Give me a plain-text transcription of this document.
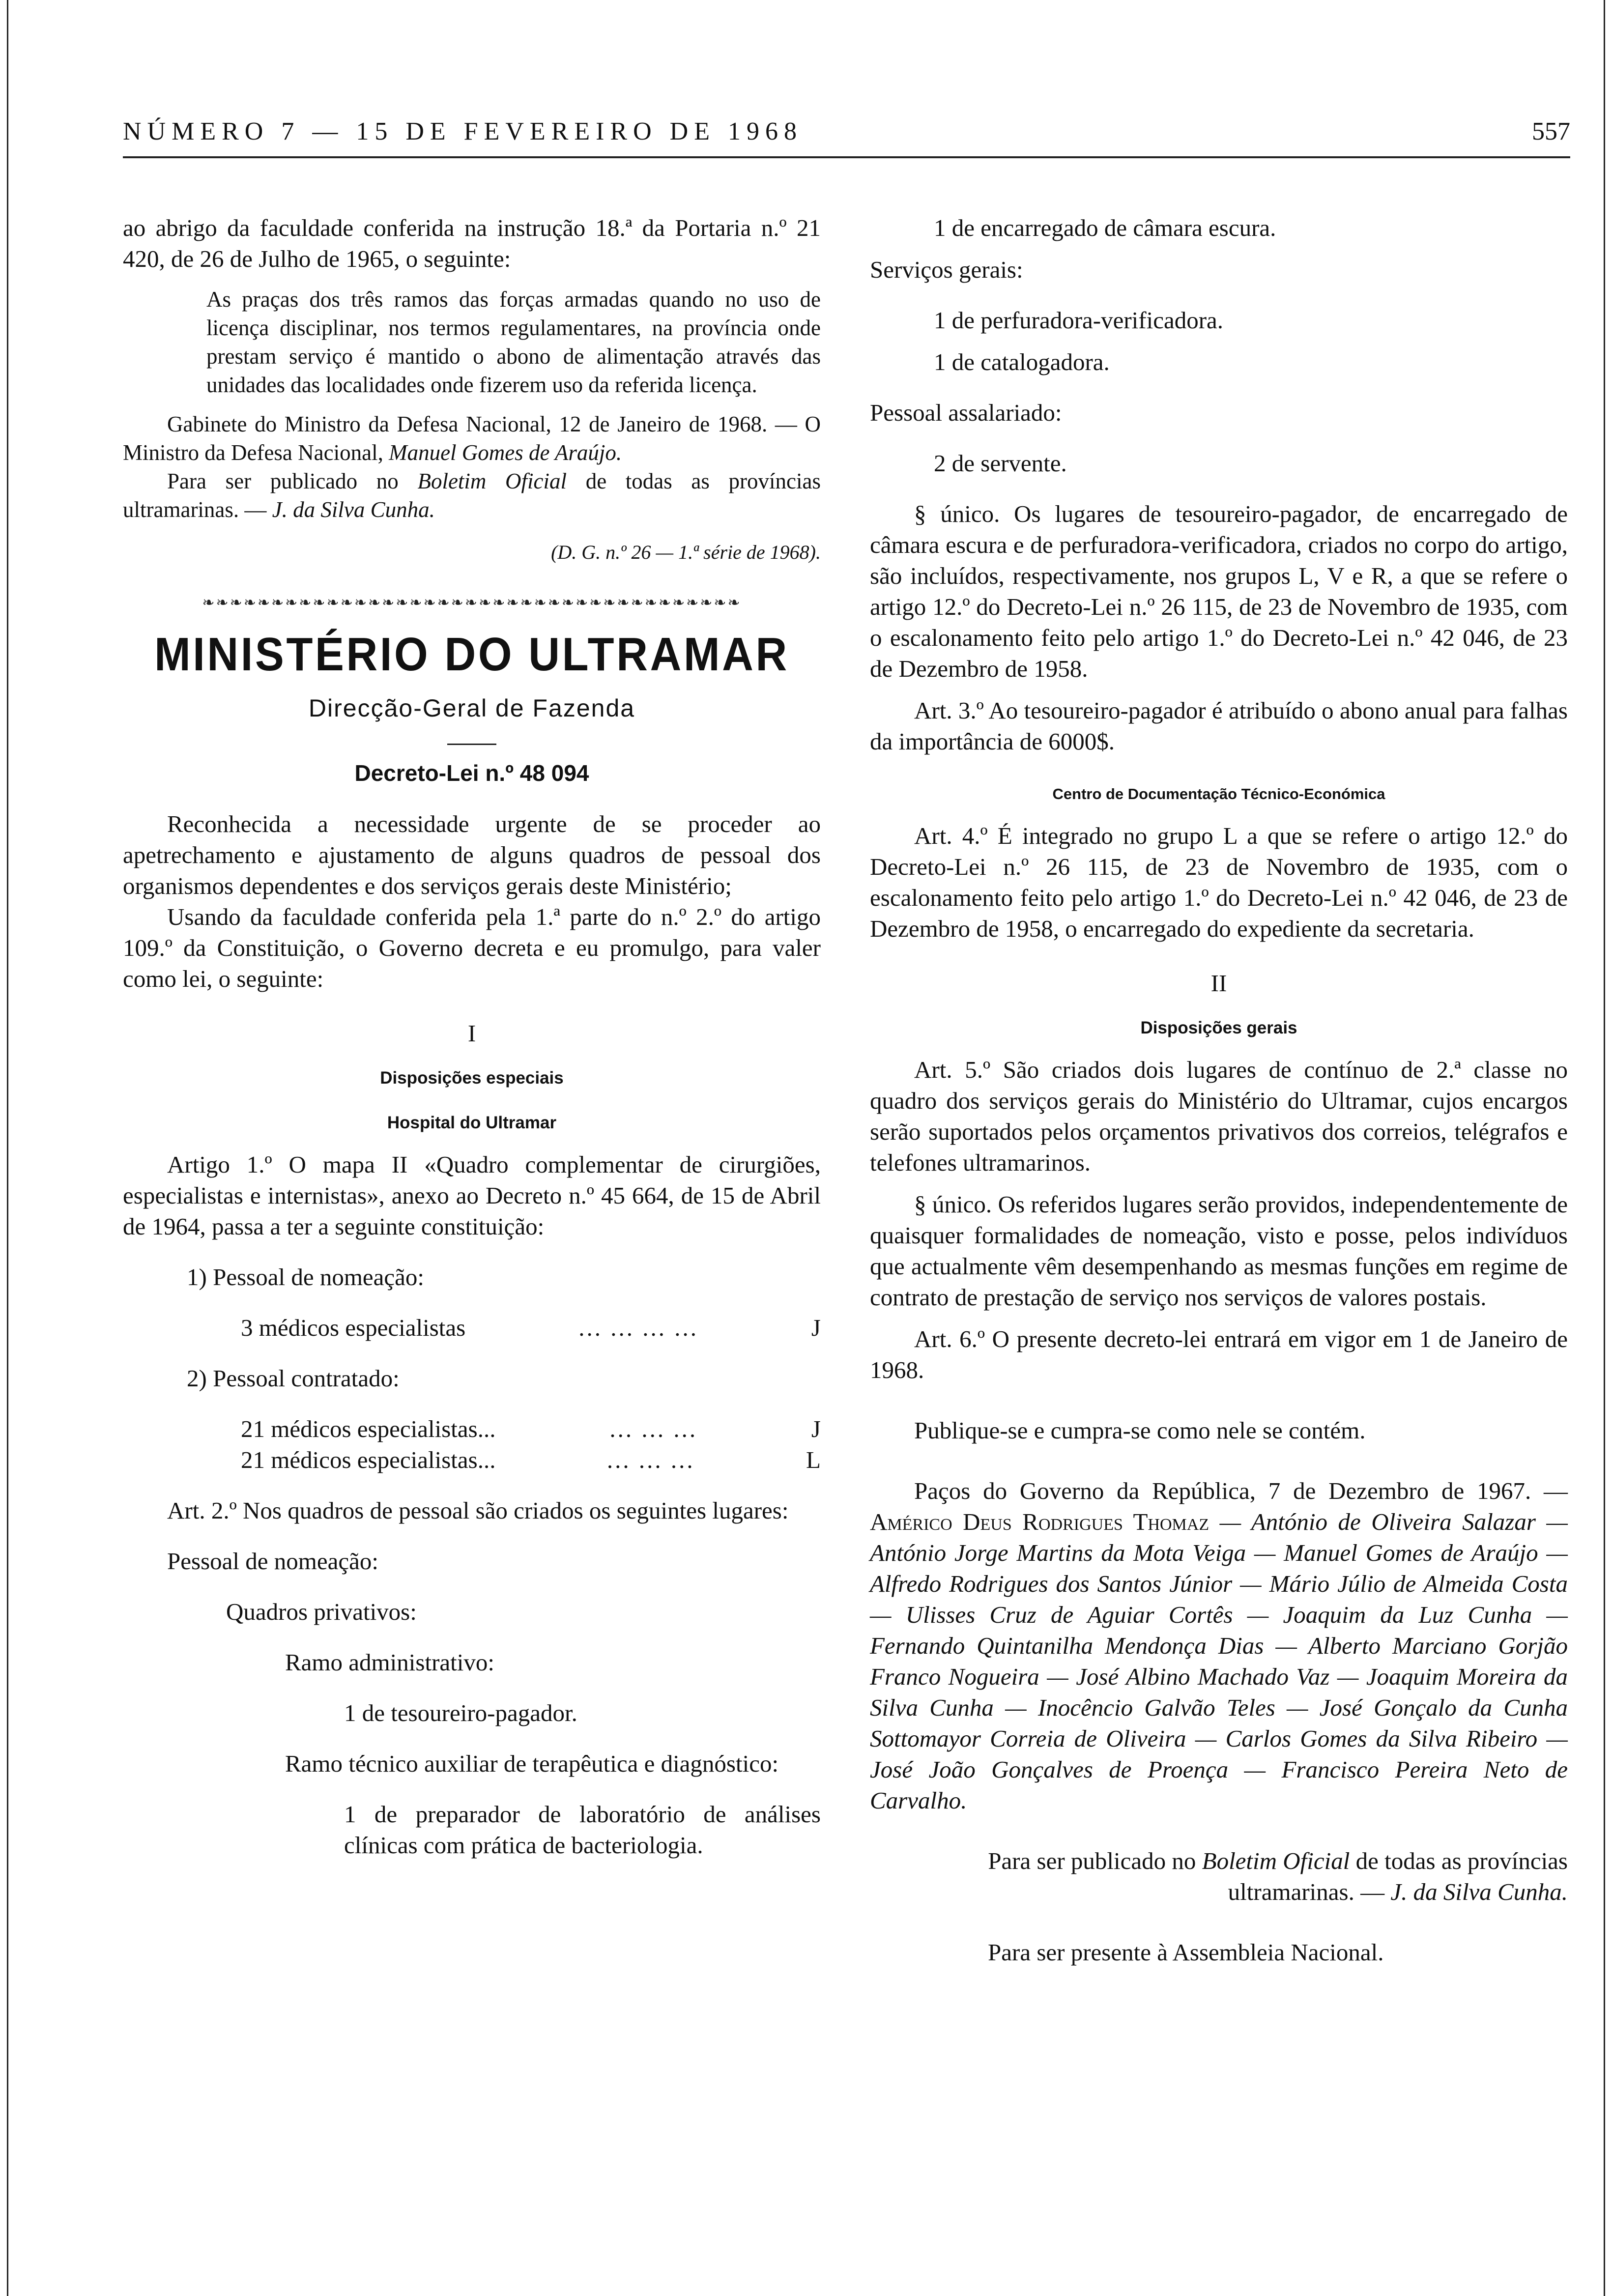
NÚMERO 7 — 15 DE FEVEREIRO DE 1968	557

ao abrigo da faculdade conferida na instrução 18.ª da Portaria n.º 21 420, de 26 de Julho de 1965, o seguinte:

As praças dos três ramos das forças armadas quando no uso de licença disciplinar, nos termos regulamentares, na província onde prestam serviço é mantido o abono de alimentação através das unidades das localidades onde fizerem uso da referida licença.

Gabinete do Ministro da Defesa Nacional, 12 de Janeiro de 1968. — O Ministro da Defesa Nacional, Manuel Gomes de Araújo.

Para ser publicado no Boletim Oficial de todas as províncias ultramarinas. — J. da Silva Cunha.

(D. G. n.º 26 — 1.ª série de 1968).

❧❧❧❧❧❧❧❧❧❧❧❧❧❧❧❧❧❧❧❧❧❧❧❧❧❧❧❧❧❧❧❧❧❧❧❧❧❧❧

MINISTÉRIO DO ULTRAMAR

Direcção-Geral de Fazenda

Decreto-Lei n.º 48 094

Reconhecida a necessidade urgente de se proceder ao apetrechamento e ajustamento de alguns quadros de pessoal dos organismos dependentes e dos serviços gerais deste Ministério;

Usando da faculdade conferida pela 1.ª parte do n.º 2.º do artigo 109.º da Constituição, o Governo decreta e eu promulgo, para valer como lei, o seguinte:

I

Disposições especiais

Hospital do Ultramar

Artigo 1.º O mapa II «Quadro complementar de cirurgiões, especialistas e internistas», anexo ao Decreto n.º 45 664, de 15 de Abril de 1964, passa a ter a seguinte constituição:

1) Pessoal de nomeação:

3 médicos especialistas	... ... ... ...	J

2) Pessoal contratado:

21 médicos especialistas...	... ... ...	J
21 médicos especialistas...	... ... ...	L

Art. 2.º Nos quadros de pessoal são criados os seguintes lugares:

Pessoal de nomeação:

Quadros privativos:

Ramo administrativo:

1 de tesoureiro-pagador.

Ramo técnico auxiliar de terapêutica e diagnóstico:

1 de preparador de laboratório de análises clínicas com prática de bacteriologia.

1 de encarregado de câmara escura.

Serviços gerais:

1 de perfuradora-verificadora.

1 de catalogadora.

Pessoal assalariado:

2 de servente.

§ único. Os lugares de tesoureiro-pagador, de encarregado de câmara escura e de perfuradora-verificadora, criados no corpo do artigo, são incluídos, respectivamente, nos grupos L, V e R, a que se refere o artigo 12.º do Decreto-Lei n.º 26 115, de 23 de Novembro de 1935, com o escalonamento feito pelo artigo 1.º do Decreto-Lei n.º 42 046, de 23 de Dezembro de 1958.

Art. 3.º Ao tesoureiro-pagador é atribuído o abono anual para falhas da importância de 6000$.

Centro de Documentação Técnico-Económica

Art. 4.º É integrado no grupo L a que se refere o artigo 12.º do Decreto-Lei n.º 26 115, de 23 de Novembro de 1935, com o escalonamento feito pelo artigo 1.º do Decreto-Lei n.º 42 046, de 23 de Dezembro de 1958, o encarregado do expediente da secretaria.

II

Disposições gerais

Art. 5.º São criados dois lugares de contínuo de 2.ª classe no quadro dos serviços gerais do Ministério do Ultramar, cujos encargos serão suportados pelos orçamentos privativos dos correios, telégrafos e telefones ultramarinos.

§ único. Os referidos lugares serão providos, independentemente de quaisquer formalidades de nomeação, visto e posse, pelos indivíduos que actualmente vêm desempenhando as mesmas funções em regime de contrato de prestação de serviço nos serviços de valores postais.

Art. 6.º O presente decreto-lei entrará em vigor em 1 de Janeiro de 1968.

Publique-se e cumpra-se como nele se contém.

Paços do Governo da República, 7 de Dezembro de 1967. — Américo Deus Rodrigues Thomaz — António de Oliveira Salazar — António Jorge Martins da Mota Veiga — Manuel Gomes de Araújo — Alfredo Rodrigues dos Santos Júnior — Mário Júlio de Almeida Costa — Ulisses Cruz de Aguiar Cortês — Joaquim da Luz Cunha — Fernando Quintanilha Mendonça Dias — Alberto Marciano Gorjão Franco Nogueira — José Albino Machado Vaz — Joaquim Moreira da Silva Cunha — Inocêncio Galvão Teles — José Gonçalo da Cunha Sottomayor Correia de Oliveira — Carlos Gomes da Silva Ribeiro — José João Gonçalves de Proença — Francisco Pereira Neto de Carvalho.

Para ser publicado no Boletim Oficial de todas as províncias ultramarinas. — J. da Silva Cunha.

Para ser presente à Assembleia Nacional.
